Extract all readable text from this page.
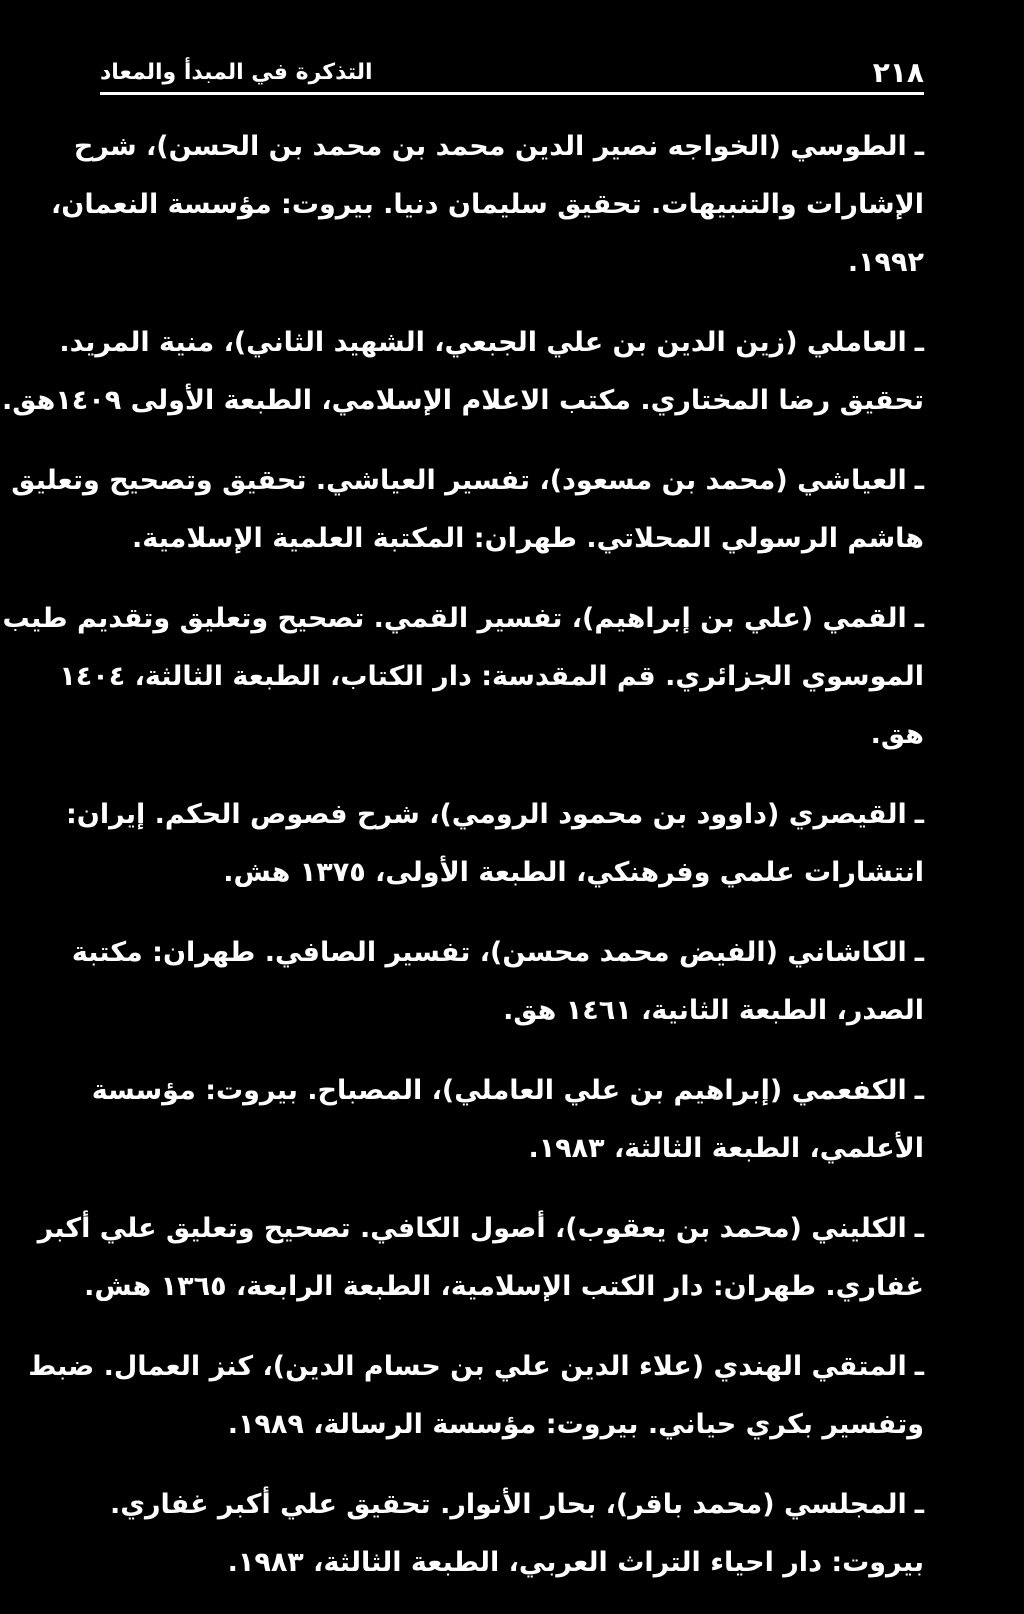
٢١٨
التذكرة في المبدأ والمعاد
ـالطوسي (الخواجه نصير الدين محمد بن محمد بن الحسن)، شرح
الإشارات والتنبيهات. تحقيق سليمان دنيا. بيروت: مؤسسة النعمان،
١٩٩٢.
ـالعاملي (زين الدين بن علي الجبعي، الشهيد الثاني)، منية المريد.
تحقيق رضا المختاري. مكتب الاعلام الإسلامي، الطبعة الأولى ١٤٠٩هق.
ـالعياشي (محمد بن مسعود)، تفسير العياشي. تحقيق وتصحيح وتعليق
هاشم الرسولي المحلاتي. طهران: المكتبة العلمية الإسلامية.
ـالقمي (علي بن إبراهيم)، تفسير القمي. تصحيح وتعليق وتقديم طيب
الموسوي الجزائري. قم المقدسة: دار الكتاب، الطبعة الثالثة، ١٤٠٤
هق.
ـالقيصري (داوود بن محمود الرومي)، شرح فصوص الحكم. إيران:
انتشارات علمي وفرهنكي، الطبعة الأولى، ١٣٧٥ هش.
ـالكاشاني (الفيض محمد محسن)، تفسير الصافي. طهران: مكتبة
الصدر، الطبعة الثانية، ١٤٦١ هق.
ـالكفعمي (إبراهيم بن علي العاملي)، المصباح. بيروت: مؤسسة
الأعلمي، الطبعة الثالثة، ١٩٨٣.
ـالكليني (محمد بن يعقوب)، أصول الكافي. تصحيح وتعليق علي أكبر
غفاري. طهران: دار الكتب الإسلامية، الطبعة الرابعة، ١٣٦٥ هش.
ـالمتقي الهندي (علاء الدين علي بن حسام الدين)، كنز العمال. ضبط
وتفسير بكري حياني. بيروت: مؤسسة الرسالة، ١٩٨٩.
ـالمجلسي (محمد باقر)، بحار الأنوار. تحقيق علي أكبر غفاري.
بيروت: دار احياء التراث العربي، الطبعة الثالثة، ١٩٨٣.
